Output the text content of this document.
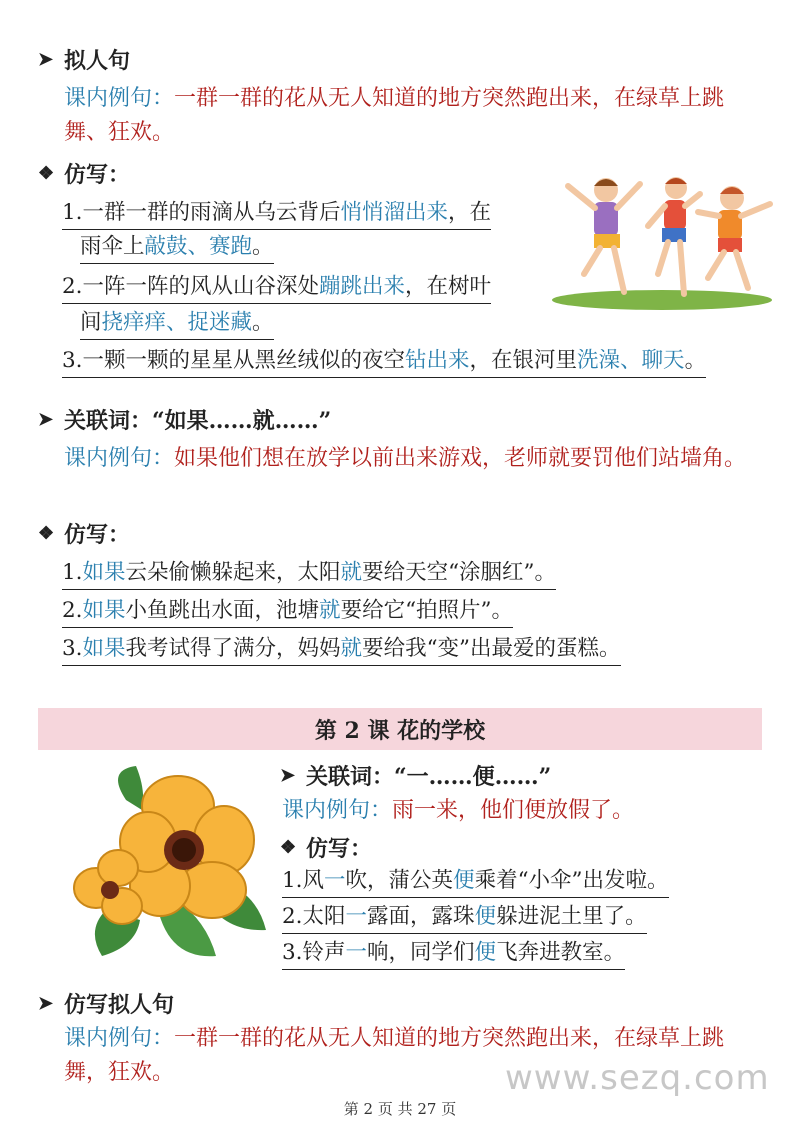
➤ 拟人句
课内例句：一群一群的花从无人知道的地方突然跑出来，在绿草上跳舞、狂欢。
❖ 仿写：
1.一群一群的雨滴从乌云背后悄悄溜出来，在
雨伞上敲鼓、赛跑。
2.一阵一阵的风从山谷深处蹦跳出来，在树叶
间挠痒痒、捉迷藏。
3.一颗一颗的星星从黑丝绒似的夜空钻出来，在银河里洗澡、聊天。
➤ 关联词：“如果……就……”
课内例句：如果他们想在放学以前出来游戏，老师就要罚他们站墙角。
❖ 仿写：
1.如果云朵偷懒躲起来，太阳就要给天空“涂胭红”。
2.如果小鱼跳出水面，池塘就要给它“拍照片”。
3.如果我考试得了满分，妈妈就要给我“变”出最爱的蛋糕。
第 2 课 花的学校
➤ 关联词：“一……便……”
课内例句：雨一来，他们便放假了。
❖ 仿写：
1.风一吹，蒲公英便乘着“小伞”出发啦。
2.太阳一露面，露珠便躲进泥土里了。
3.铃声一响，同学们便飞奔进教室。
➤ 仿写拟人句
课内例句：一群一群的花从无人知道的地方突然跑出来，在绿草上跳舞，狂欢。	www.sezq.com
第 2 页 共 27 页
